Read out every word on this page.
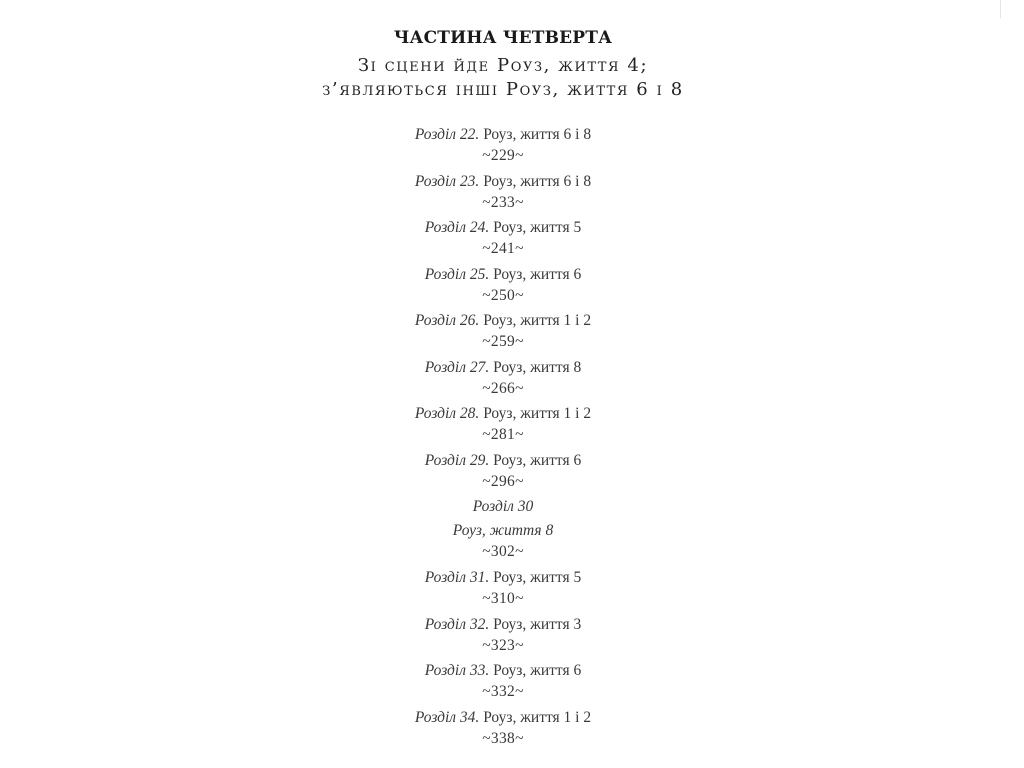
ЧАСТИНА ЧЕТВЕРТА
Зі сцени йде Роуз, життя 4;
з’являються інші Роуз, життя 6 і 8
Розділ 22. Роуз, життя 6 і 8
~229~
Розділ 23. Роуз, життя 6 і 8
~233~
Розділ 24. Роуз, життя 5
~241~
Розділ 25. Роуз, життя 6
~250~
Розділ 26. Роуз, життя 1 і 2
~259~
Розділ 27. Роуз, життя 8
~266~
Розділ 28. Роуз, життя 1 і 2
~281~
Розділ 29. Роуз, життя 6
~296~
Розділ 30
Роуз, життя 8
~302~
Розділ 31. Роуз, життя 5
~310~
Розділ 32. Роуз, життя 3
~323~
Розділ 33. Роуз, життя 6
~332~
Розділ 34. Роуз, життя 1 і 2
~338~
